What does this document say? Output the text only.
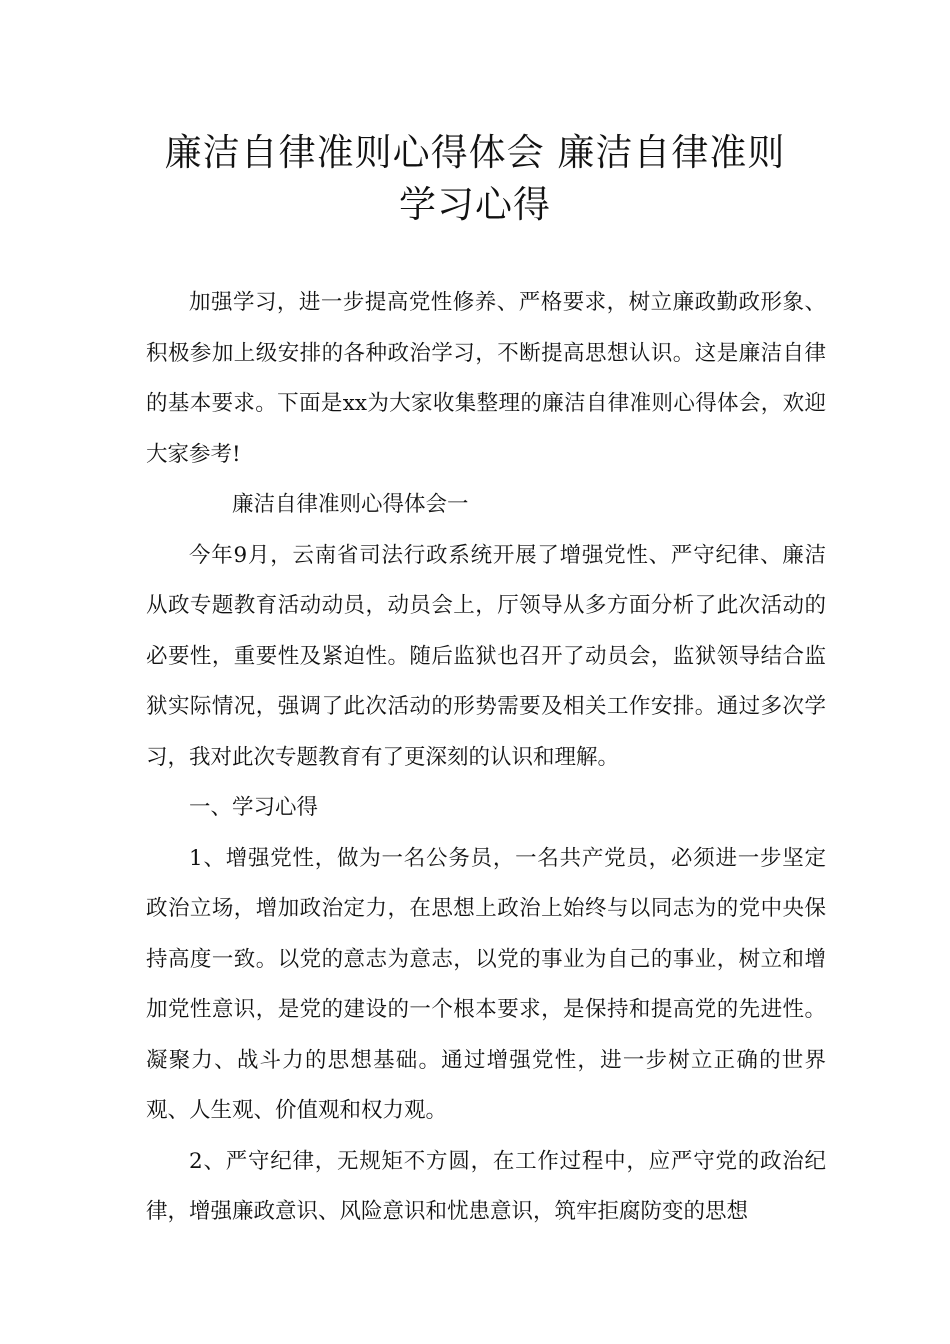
廉洁自律准则心得体会 廉洁自律准则
学习心得

加强学习，进一步提高党性修养、严格要求，树立廉政勤政形象、积极参加上级安排的各种政治学习，不断提高思想认识。这是廉洁自律的基本要求。下面是xx为大家收集整理的廉洁自律准则心得体会，欢迎大家参考!

廉洁自律准则心得体会一

今年9月，云南省司法行政系统开展了增强党性、严守纪律、廉洁从政专题教育活动动员，动员会上，厅领导从多方面分析了此次活动的必要性，重要性及紧迫性。随后监狱也召开了动员会，监狱领导结合监狱实际情况，强调了此次活动的形势需要及相关工作安排。通过多次学习，我对此次专题教育有了更深刻的认识和理解。

一、学习心得

1、增强党性，做为一名公务员，一名共产党员，必须进一步坚定政治立场，增加政治定力，在思想上政治上始终与以同志为的党中央保持高度一致。以党的意志为意志，以党的事业为自己的事业，树立和增加党性意识，是党的建设的一个根本要求，是保持和提高党的先进性。凝聚力、战斗力的思想基础。通过增强党性，进一步树立正确的世界观、人生观、价值观和权力观。

2、严守纪律，无规矩不方圆，在工作过程中，应严守党的政治纪律，增强廉政意识、风险意识和忧患意识，筑牢拒腐防变的思想
